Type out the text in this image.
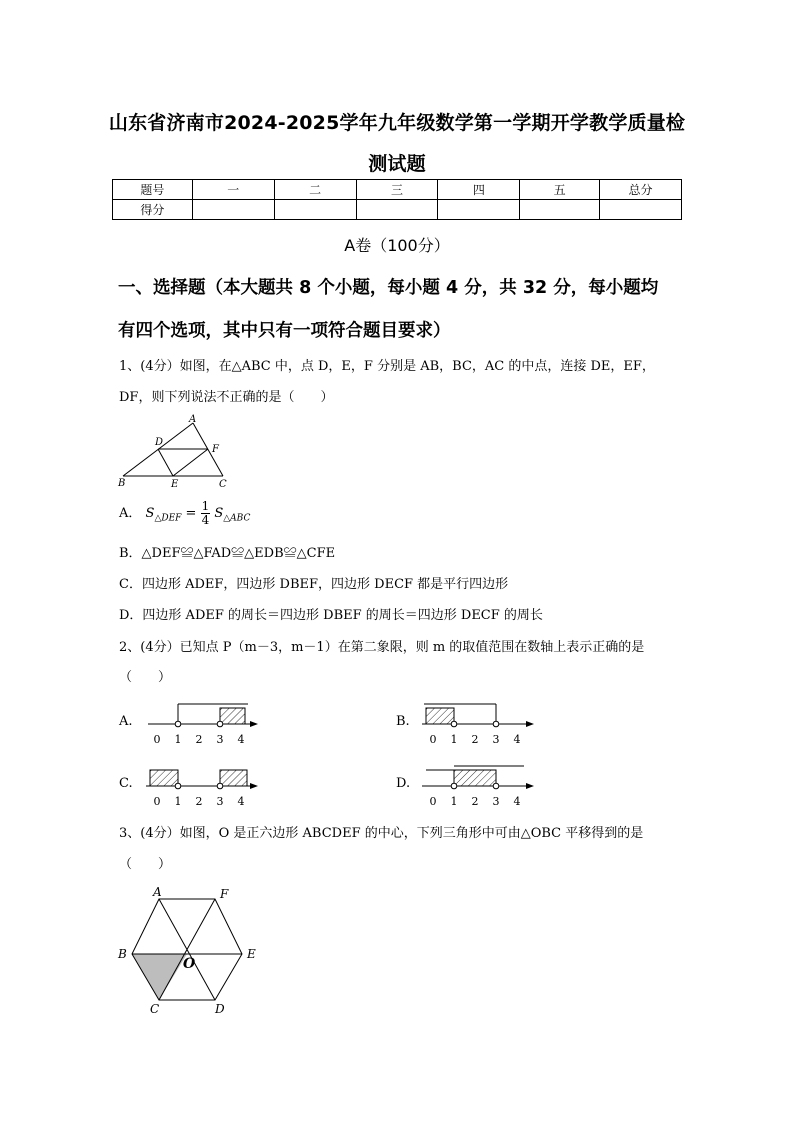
山东省济南市2024-2025学年九年级数学第一学期开学教学质量检
测试题
题号	一	二	三	四	五	总分
得分						
A卷（100分）
一、选择题（本大题共 8 个小题，每小题 4 分，共 32 分，每小题均
有四个选项，其中只有一项符合题目要求）
1、(4分）如图，在△ABC 中，点 D，E，F 分别是 AB，BC，AC 的中点，连接 DE，EF，
DF，则下列说法不正确的是（　　）
A
D
F
B	E	C
A． $S_{\triangle DEF} = \frac{1}{4} S_{\triangle ABC}$
B．△DEF≌△FAD≌△EDB≌△CFE
C．四边形 ADEF，四边形 DBEF，四边形 DECF 都是平行四边形
D．四边形 ADEF 的周长＝四边形 DBEF 的周长＝四边形 DECF 的周长
2、(4分）已知点 P（m－3，m－1）在第二象限，则 m 的取值范围在数轴上表示正确的是
（　　）
A.
0 1 2 3 4
B.
0 1 2 3 4
C.
0 1 2 3 4
D.
0 1 2 3 4
3、(4分）如图，O 是正六边形 ABCDEF 的中心，下列三角形中可由△OBC 平移得到的是
（　　）
A	F
B
O
E
C	D
